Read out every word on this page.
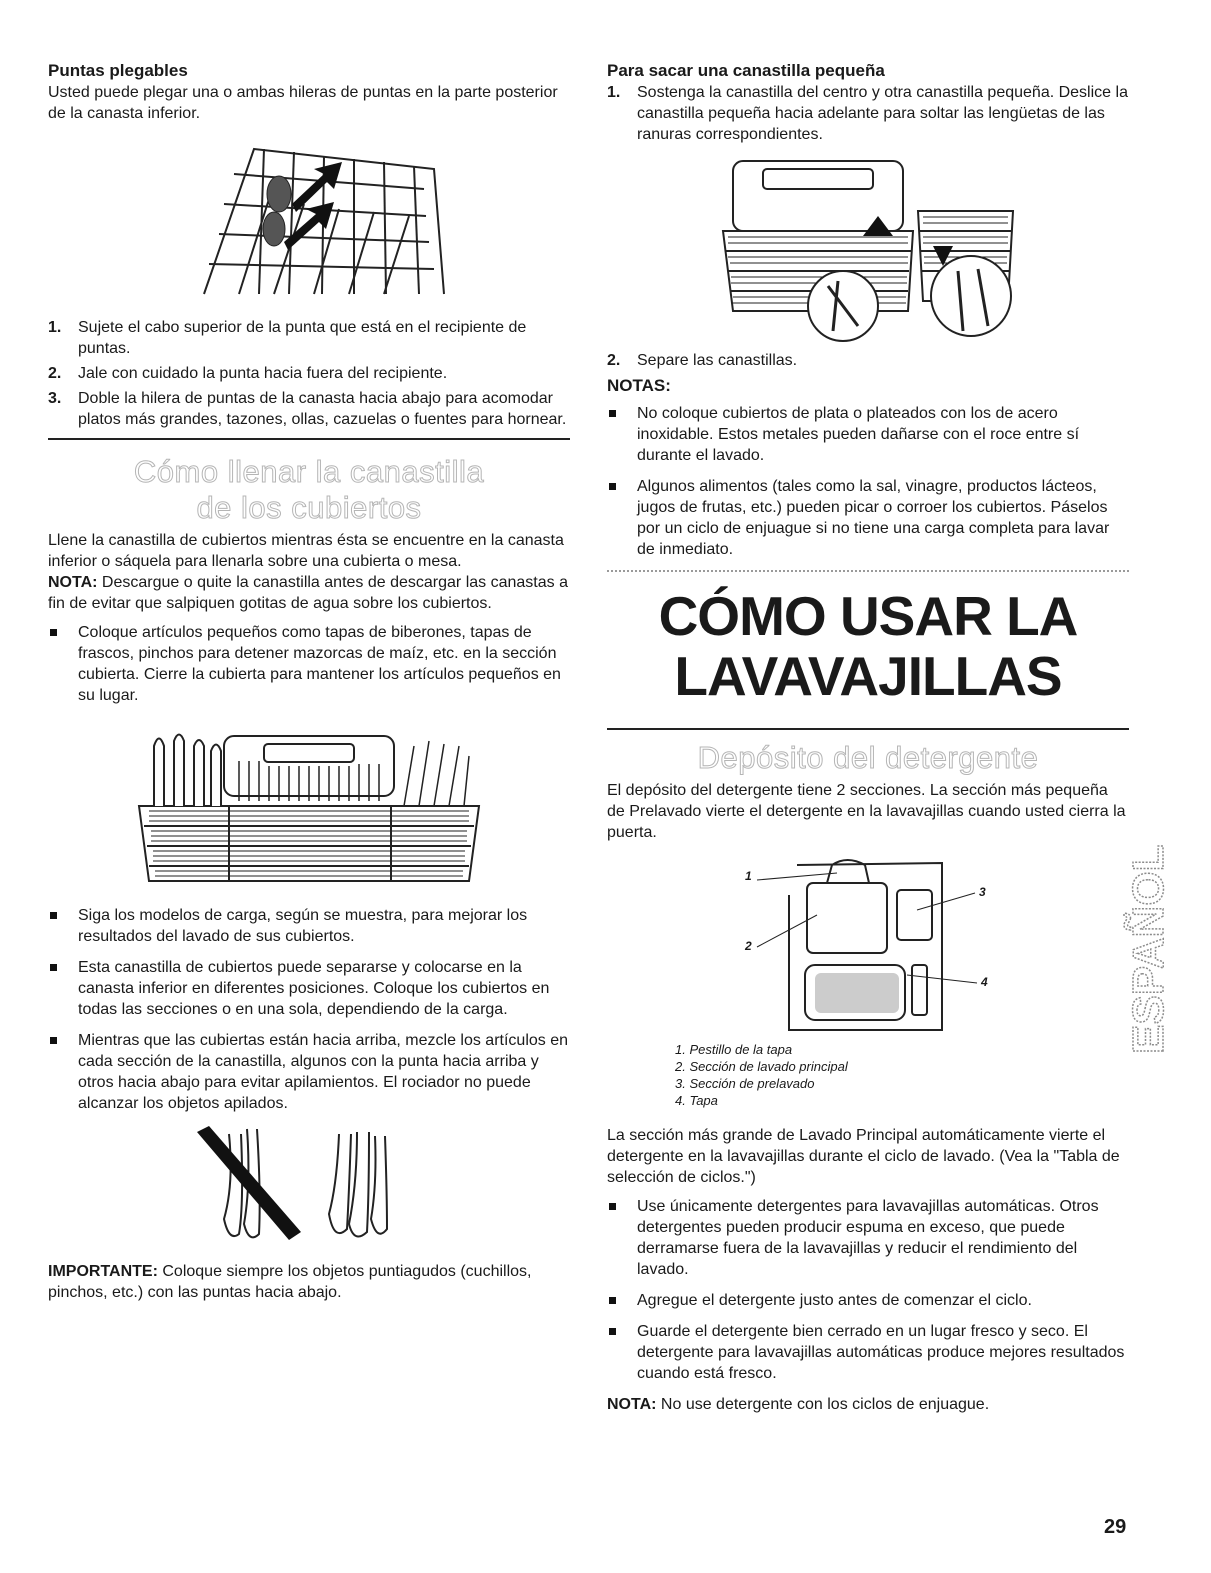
Puntas plegables

Usted puede plegar una o ambas hileras de puntas en la parte posterior de la canasta inferior.

1.	Sujete el cabo superior de la punta que está en el recipiente de puntas.
2.	Jale con cuidado la punta hacia fuera del recipiente.
3.	Doble la hilera de puntas de la canasta hacia abajo para acomodar platos más grandes, tazones, ollas, cazuelas o fuentes para hornear.
Cómo llenar la canastilla
de los cubiertos

Llene la canastilla de cubiertos mientras ésta se encuentre en la canasta inferior o sáquela para llenarla sobre una cubierta o mesa.

NOTA: Descargue o quite la canastilla antes de descargar las canastas a fin de evitar que salpiquen gotitas de agua sobre los cubiertos.

Coloque artículos pequeños como tapas de biberones, tapas de frascos, pinchos para detener mazorcas de maíz, etc. en la sección cubierta. Cierre la cubierta para mantener los artículos pequeños en su lugar.
Siga los modelos de carga, según se muestra, para mejorar los resultados del lavado de sus cubiertos.
Esta canastilla de cubiertos puede separarse y colocarse en la canasta inferior en diferentes posiciones. Coloque los cubiertos en todas las secciones o en una sola, dependiendo de la carga.
Mientras que las cubiertas están hacia arriba, mezcle los artículos en cada sección de la canastilla, algunos con la punta hacia arriba y otros hacia abajo para evitar apilamientos. El rociador no puede alcanzar los objetos apilados.

IMPORTANTE: Coloque siempre los objetos puntiagudos (cuchillos, pinchos, etc.) con las puntas hacia abajo.

Para sacar una canastilla pequeña
1.	Sostenga la canastilla del centro y otra canastilla pequeña. Deslice la canastilla pequeña hacia adelante para soltar las lengüetas de las ranuras correspondientes.
2.	Separe las canastillas.
NOTAS:
No coloque cubiertos de plata o plateados con los de acero inoxidable. Estos metales pueden dañarse con el roce entre sí durante el lavado.
Algunos alimentos (tales como la sal, vinagre, productos lácteos, jugos de frutas, etc.) pueden picar o corroer los cubiertos. Páselos por un ciclo de enjuague si no tiene una carga completa para lavar de inmediato.
CÓMO USAR LA
LAVAVAJILLAS
Depósito del detergente

El depósito del detergente tiene 2 secciones. La sección más pequeña de Prelavado vierte el detergente en la lavavajillas cuando usted cierra la puerta.

1
2
3
4
1. Pestillo de la tapa
2. Sección de lavado principal
3. Sección de prelavado
4. Tapa

La sección más grande de Lavado Principal automáticamente vierte el detergente en la lavavajillas durante el ciclo de lavado. (Vea la "Tabla de selección de ciclos.")

Use únicamente detergentes para lavavajillas automáticas. Otros detergentes pueden producir espuma en exceso, que puede derramarse fuera de la lavavajillas y reducir el rendimiento del lavado.
Agregue el detergente justo antes de comenzar el ciclo.
Guarde el detergente bien cerrado en un lugar fresco y seco. El detergente para lavavajillas automáticas produce mejores resultados cuando está fresco.

NOTA: No use detergente con los ciclos de enjuague.

ESPAÑOL
29
